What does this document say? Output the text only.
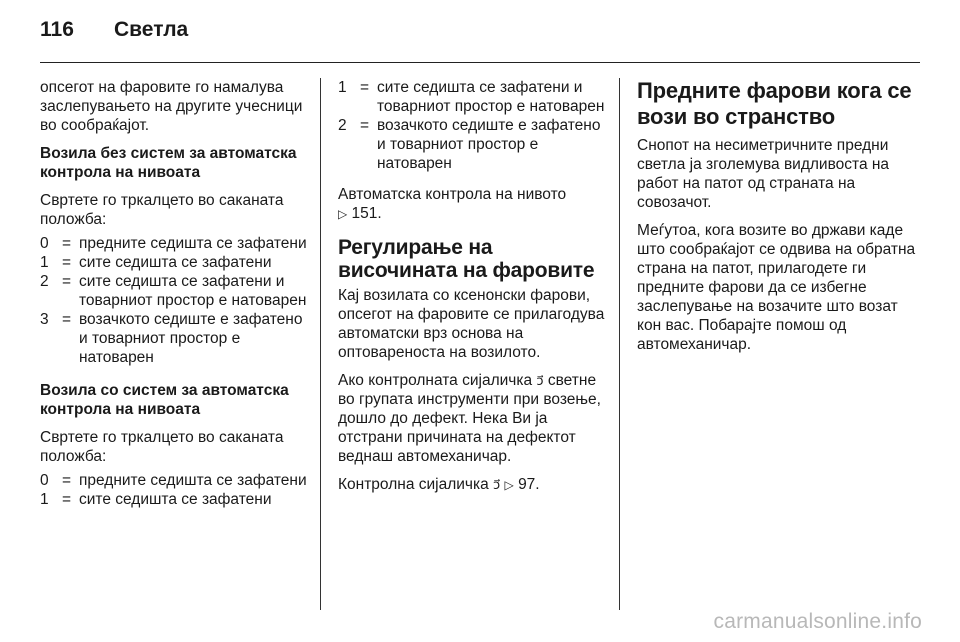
116	Светла

опсегот на фаровите го намалува заслепувањето на другите учесници во сообраќајот.

Возила без систем за автоматска контрола на нивоата

Свртете го тркалцето во саканата положба:

0 = предните седишта се зафатени
1 = сите седишта се зафатени
2 = сите седишта се зафатени и товарниот простор е натоварен
3 = возачкото седиште е зафатено и товарниот простор е натоварен

Возила со систем за автоматска контрола на нивоата

Свртете го тркалцето во саканата положба:

0 = предните седишта се зафатени
1 = сите седишта се зафатени
1 = сите седишта се зафатени и товарниот простор е натоварен
2 = возачкото седиште е зафатено и товарниот простор е натоварен

Автоматска контрола на нивото
▷ 151.

Регулирање на височината на фаровите

Кај возилата со ксенонски фарови, опсегот на фаровите се прилагодува автоматски врз основа на оптовареноста на возилото.

Ако контролната сијаличка ↄ⃗ светне во групата инструменти при возење, дошло до дефект. Нека Ви ја отстрани причината на дефектот веднаш автомеханичар.

Контролна сијаличка ↄ⃗ ▷ 97.

Предните фарови кога се вози во странство

Снопот на несиметричните предни светла ја зголемува видливоста на работ на патот од страната на совозачот.

Меѓутоа, кога возите во држави каде што сообраќајот се одвива на обратна страна на патот, прилагодете ги предните фарови да се избегне заслепување на возачите што возат кон вас. Побарајте помош од автомеханичар.

carmanualsonline.info
